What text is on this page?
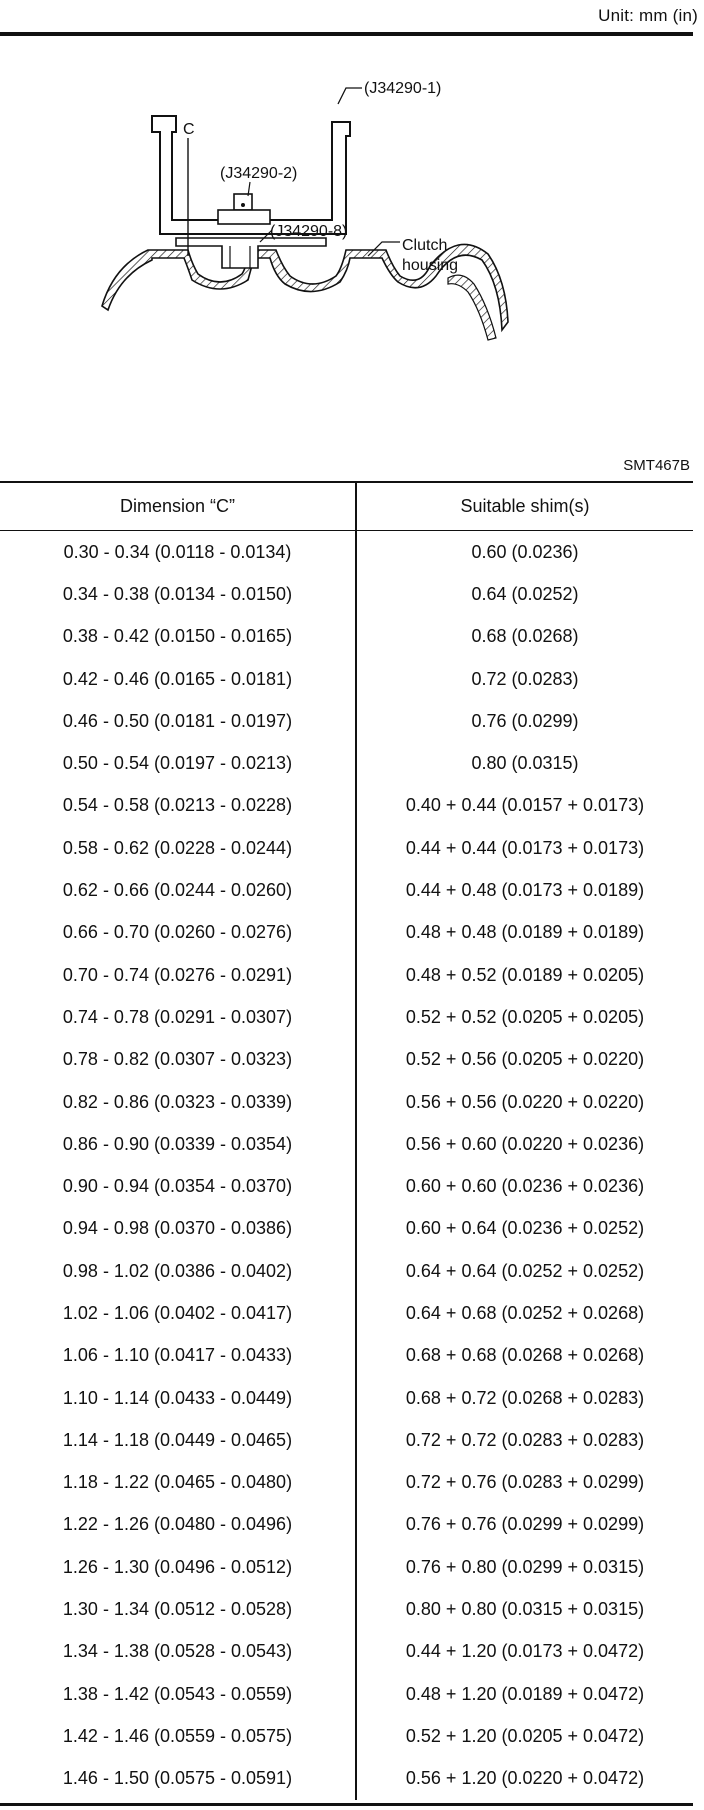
Unit: mm (in)
(J34290-1)
(J34290-2)
(J34290-8)
C
Clutch
housing
SMT467B
Dimension “C”	Suitable shim(s)
0.30 - 0.34 (0.0118 - 0.0134)	0.60 (0.0236)
0.34 - 0.38 (0.0134 - 0.0150)	0.64 (0.0252)
0.38 - 0.42 (0.0150 - 0.0165)	0.68 (0.0268)
0.42 - 0.46 (0.0165 - 0.0181)	0.72 (0.0283)
0.46 - 0.50 (0.0181 - 0.0197)	0.76 (0.0299)
0.50 - 0.54 (0.0197 - 0.0213)	0.80 (0.0315)
0.54 - 0.58 (0.0213 - 0.0228)	0.40 + 0.44 (0.0157 + 0.0173)
0.58 - 0.62 (0.0228 - 0.0244)	0.44 + 0.44 (0.0173 + 0.0173)
0.62 - 0.66 (0.0244 - 0.0260)	0.44 + 0.48 (0.0173 + 0.0189)
0.66 - 0.70 (0.0260 - 0.0276)	0.48 + 0.48 (0.0189 + 0.0189)
0.70 - 0.74 (0.0276 - 0.0291)	0.48 + 0.52 (0.0189 + 0.0205)
0.74 - 0.78 (0.0291 - 0.0307)	0.52 + 0.52 (0.0205 + 0.0205)
0.78 - 0.82 (0.0307 - 0.0323)	0.52 + 0.56 (0.0205 + 0.0220)
0.82 - 0.86 (0.0323 - 0.0339)	0.56 + 0.56 (0.0220 + 0.0220)
0.86 - 0.90 (0.0339 - 0.0354)	0.56 + 0.60 (0.0220 + 0.0236)
0.90 - 0.94 (0.0354 - 0.0370)	0.60 + 0.60 (0.0236 + 0.0236)
0.94 - 0.98 (0.0370 - 0.0386)	0.60 + 0.64 (0.0236 + 0.0252)
0.98 - 1.02 (0.0386 - 0.0402)	0.64 + 0.64 (0.0252 + 0.0252)
1.02 - 1.06 (0.0402 - 0.0417)	0.64 + 0.68 (0.0252 + 0.0268)
1.06 - 1.10 (0.0417 - 0.0433)	0.68 + 0.68 (0.0268 + 0.0268)
1.10 - 1.14 (0.0433 - 0.0449)	0.68 + 0.72 (0.0268 + 0.0283)
1.14 - 1.18 (0.0449 - 0.0465)	0.72 + 0.72 (0.0283 + 0.0283)
1.18 - 1.22 (0.0465 - 0.0480)	0.72 + 0.76 (0.0283 + 0.0299)
1.22 - 1.26 (0.0480 - 0.0496)	0.76 + 0.76 (0.0299 + 0.0299)
1.26 - 1.30 (0.0496 - 0.0512)	0.76 + 0.80 (0.0299 + 0.0315)
1.30 - 1.34 (0.0512 - 0.0528)	0.80 + 0.80 (0.0315 + 0.0315)
1.34 - 1.38 (0.0528 - 0.0543)	0.44 + 1.20 (0.0173 + 0.0472)
1.38 - 1.42 (0.0543 - 0.0559)	0.48 + 1.20 (0.0189 + 0.0472)
1.42 - 1.46 (0.0559 - 0.0575)	0.52 + 1.20 (0.0205 + 0.0472)
1.46 - 1.50 (0.0575 - 0.0591)	0.56 + 1.20 (0.0220 + 0.0472)
